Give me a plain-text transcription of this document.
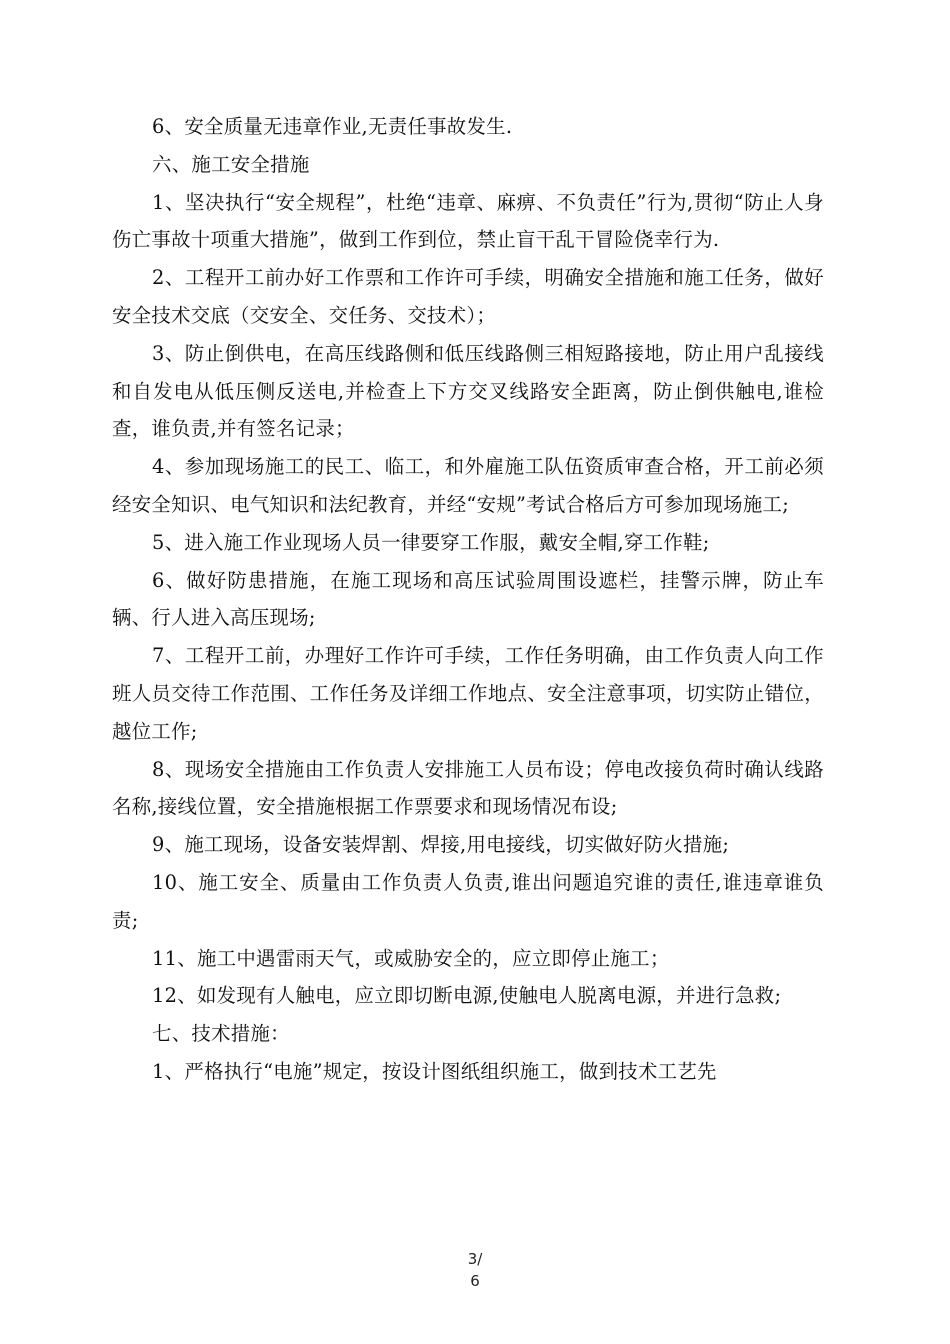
6、安全质量无违章作业,无责任事故发生.

六、施工安全措施

1、坚决执行“安全规程”，杜绝“违章、麻痹、不负责任”行为,贯彻“防止人身伤亡事故十项重大措施”，做到工作到位，禁止盲干乱干冒险侥幸行为.

2、工程开工前办好工作票和工作许可手续，明确安全措施和施工任务，做好安全技术交底（交安全、交任务、交技术）；

3、防止倒供电，在高压线路侧和低压线路侧三相短路接地，防止用户乱接线和自发电从低压侧反送电,并检查上下方交叉线路安全距离，防止倒供触电,谁检查，谁负责,并有签名记录；

4、参加现场施工的民工、临工，和外雇施工队伍资质审查合格，开工前必须经安全知识、电气知识和法纪教育，并经“安规”考试合格后方可参加现场施工;

5、进入施工作业现场人员一律要穿工作服，戴安全帽,穿工作鞋;

6、做好防患措施，在施工现场和高压试验周围设遮栏，挂警示牌，防止车辆、行人进入高压现场;

7、工程开工前，办理好工作许可手续，工作任务明确，由工作负责人向工作班人员交待工作范围、工作任务及详细工作地点、安全注意事项，切实防止错位，越位工作;

8、现场安全措施由工作负责人安排施工人员布设；停电改接负荷时确认线路名称,接线位置，安全措施根据工作票要求和现场情况布设;

9、施工现场，设备安装焊割、焊接,用电接线，切实做好防火措施;

10、施工安全、质量由工作负责人负责,谁出问题追究谁的责任,谁违章谁负责;

11、施工中遇雷雨天气，或威胁安全的，应立即停止施工；

12、如发现有人触电，应立即切断电源,使触电人脱离电源，并进行急救;

七、技术措施：

1、严格执行“电施”规定，按设计图纸组织施工，做到技术工艺先

3/
6
